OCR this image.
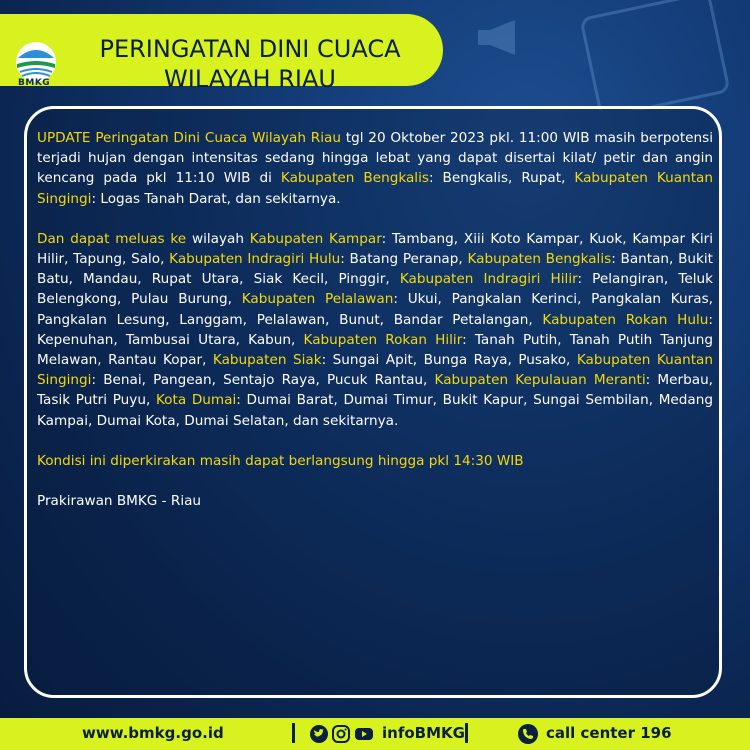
BMKG
PERINGATAN DINI CUACA
WILAYAH RIAU

UPDATE Peringatan Dini Cuaca Wilayah Riau tgl 20 Oktober 2023 pkl. 11:00 WIB masih berpotensi terjadi hujan dengan intensitas sedang hingga lebat yang dapat disertai kilat/ petir dan angin kencang pada pkl 11:10 WIB di Kabupaten Bengkalis: Bengkalis, Rupat, Kabupaten Kuantan Singingi: Logas Tanah Darat, dan sekitarnya.

Dan dapat meluas ke wilayah Kabupaten Kampar: Tambang, Xiii Koto Kampar, Kuok, Kampar Kiri Hilir, Tapung, Salo, Kabupaten Indragiri Hulu: Batang Peranap, Kabupaten Bengkalis: Bantan, Bukit Batu, Mandau, Rupat Utara, Siak Kecil, Pinggir, Kabupaten Indragiri Hilir: Pelangiran, Teluk Belengkong, Pulau Burung, Kabupaten Pelalawan: Ukui, Pangkalan Kerinci, Pangkalan Kuras, Pangkalan Lesung, Langgam, Pelalawan, Bunut, Bandar Petalangan, Kabupaten Rokan Hulu: Kepenuhan, Tambusai Utara, Kabun, Kabupaten Rokan Hilir: Tanah Putih, Tanah Putih Tanjung Melawan, Rantau Kopar, Kabupaten Siak: Sungai Apit, Bunga Raya, Pusako, Kabupaten Kuantan Singingi: Benai, Pangean, Sentajo Raya, Pucuk Rantau, Kabupaten Kepulauan Meranti: Merbau, Tasik Putri Puyu, Kota Dumai: Dumai Barat, Dumai Timur, Bukit Kapur, Sungai Sembilan, Medang Kampai, Dumai Kota, Dumai Selatan, dan sekitarnya.

Kondisi ini diperkirakan masih dapat berlangsung hingga pkl 14:30 WIB

Prakirawan BMKG - Riau

www.bmkg.go.id	infoBMKG	call center 196
